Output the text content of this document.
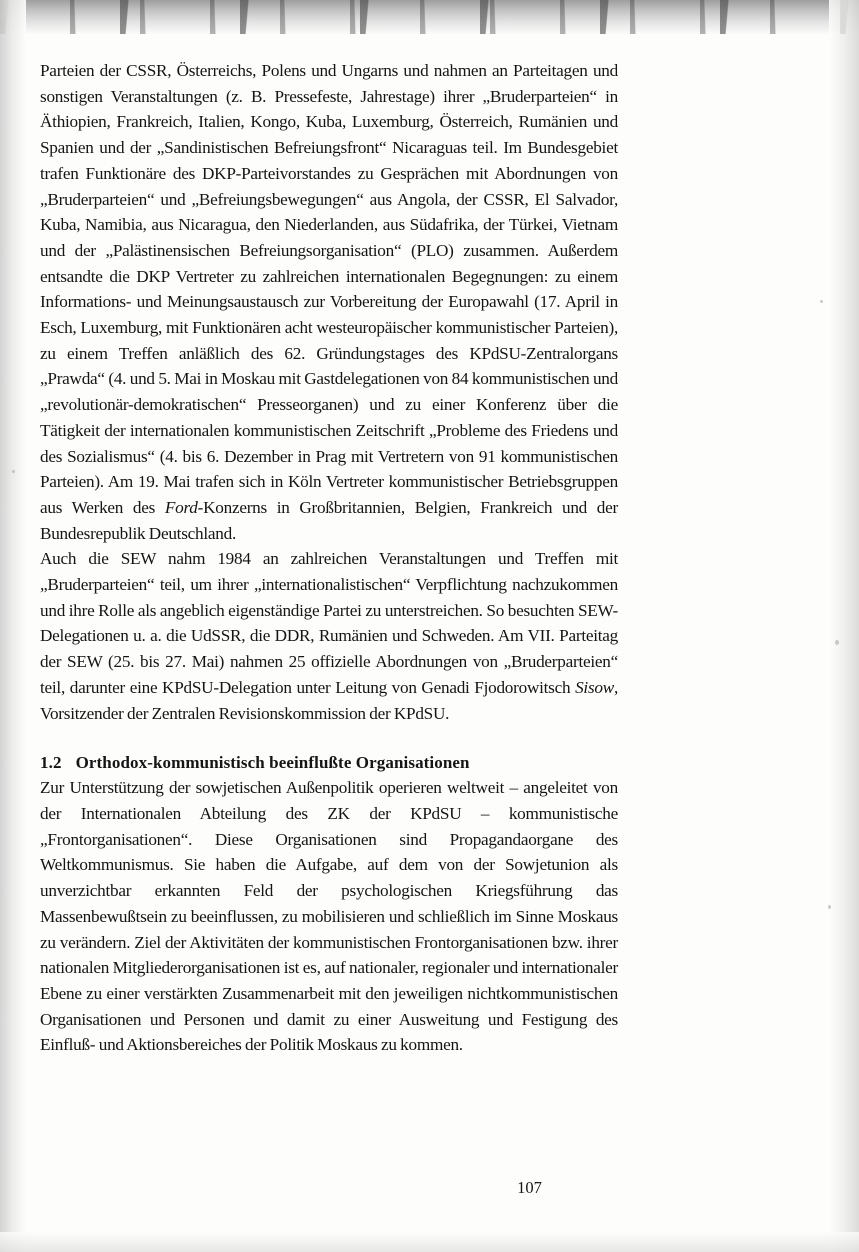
Parteien der CSSR, Österreichs, Polens und Ungarns und nahmen an Parteitagen und sonstigen Veranstaltungen (z. B. Pressefeste, Jahrestage) ihrer „Bruderparteien“ in Äthiopien, Frankreich, Italien, Kongo, Kuba, Luxemburg, Österreich, Rumänien und Spanien und der „Sandinistischen Befreiungsfront“ Nicaraguas teil. Im Bundesgebiet trafen Funktionäre des DKP-Parteivorstandes zu Gesprächen mit Abordnungen von „Bruderparteien“ und „Befreiungsbewegungen“ aus Angola, der CSSR, El Salvador, Kuba, Namibia, aus Nicaragua, den Niederlanden, aus Südafrika, der Türkei, Vietnam und der „Palästinensischen Befreiungsorganisation“ (PLO) zusammen. Außerdem entsandte die DKP Vertreter zu zahlreichen internationalen Begegnungen: zu einem Informations- und Meinungsaustausch zur Vorbereitung der Europawahl (17. April in Esch, Luxemburg, mit Funktionären acht westeuropäischer kommunistischer Parteien), zu einem Treffen anläßlich des 62. Gründungstages des KPdSU-Zentralorgans „Prawda“ (4. und 5. Mai in Moskau mit Gastdelegationen von 84 kommunistischen und „revolutionär-demokratischen“ Presseorganen) und zu einer Konferenz über die Tätigkeit der internationalen kommunistischen Zeitschrift „Probleme des Friedens und des Sozialismus“ (4. bis 6. Dezember in Prag mit Vertretern von 91 kommunistischen Parteien). Am 19. Mai trafen sich in Köln Vertreter kommunistischer Betriebsgruppen aus Werken des Ford-Konzerns in Großbritannien, Belgien, Frankreich und der Bundesrepublik Deutschland.

Auch die SEW nahm 1984 an zahlreichen Veranstaltungen und Treffen mit „Bruderparteien“ teil, um ihrer „internationalistischen“ Verpflichtung nachzukommen und ihre Rolle als angeblich eigenständige Partei zu unterstreichen. So besuchten SEW-Delegationen u. a. die UdSSR, die DDR, Rumänien und Schweden. Am VII. Parteitag der SEW (25. bis 27. Mai) nahmen 25 offizielle Abordnungen von „Bruderparteien“ teil, darunter eine KPdSU-Delegation unter Leitung von Genadi Fjodorowitsch Sisow, Vorsitzender der Zentralen Revisionskommission der KPdSU.

1.2 Orthodox-kommunistisch beeinflußte Organisationen

Zur Unterstützung der sowjetischen Außenpolitik operieren weltweit – angeleitet von der Internationalen Abteilung des ZK der KPdSU – kommunistische „Frontorganisationen“. Diese Organisationen sind Propagandaorgane des Weltkommunismus. Sie haben die Aufgabe, auf dem von der Sowjetunion als unverzichtbar erkannten Feld der psychologischen Kriegsführung das Massenbewußtsein zu beeinflussen, zu mobilisieren und schließlich im Sinne Moskaus zu verändern. Ziel der Aktivitäten der kommunistischen Frontorganisationen bzw. ihrer nationalen Mitgliederorganisationen ist es, auf nationaler, regionaler und internationaler Ebene zu einer verstärkten Zusammenarbeit mit den jeweiligen nichtkommunistischen Organisationen und Personen und damit zu einer Ausweitung und Festigung des Einfluß- und Aktionsbereiches der Politik Moskaus zu kommen.

107
